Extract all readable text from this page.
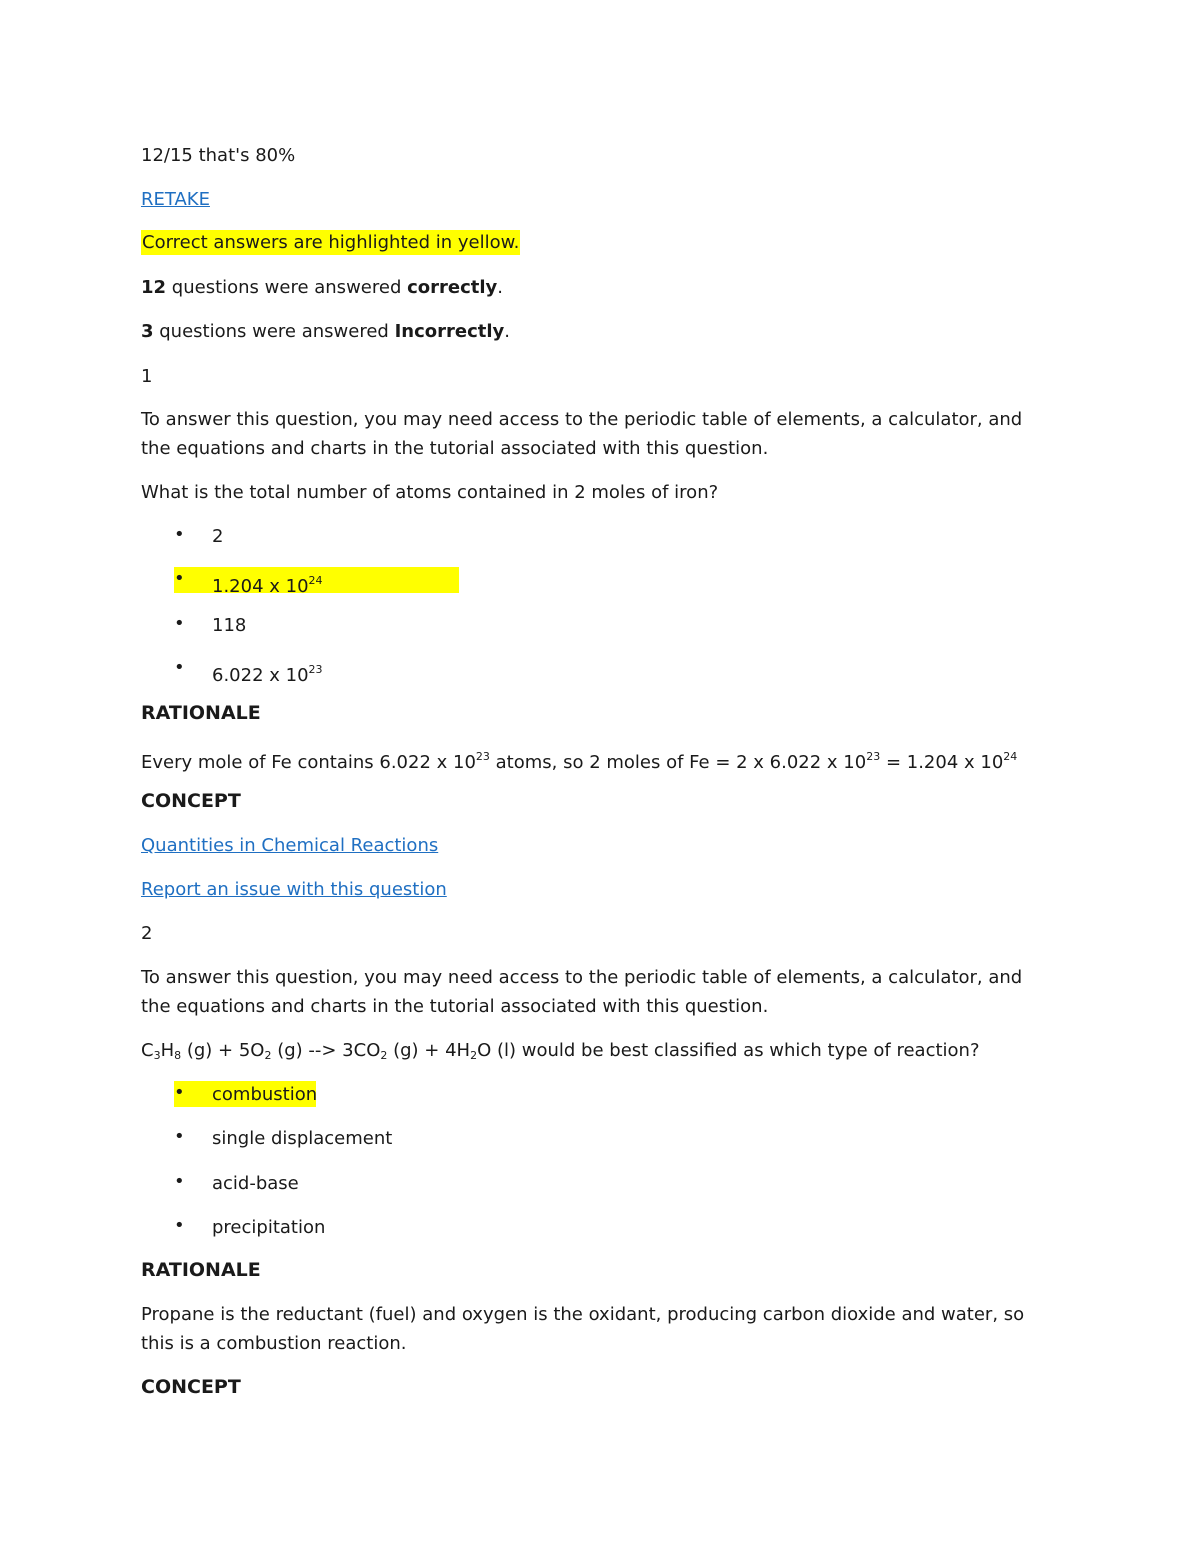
12/15 that's 80%

RETAKE

Correct answers are highlighted in yellow.

12 questions were answered correctly.

3 questions were answered Incorrectly.

1

To answer this question, you may need access to the periodic table of elements, a calculator, and the equations and charts in the tutorial associated with this question.

What is the total number of atoms contained in 2 moles of iron?

• 2
• 1.204 x $10^{24}$
• 118
• 6.022 x $10^{23}$

RATIONALE

Every mole of Fe contains 6.022 x $10^{23}$ atoms, so 2 moles of Fe = 2 x 6.022 x $10^{23} = 1.204$ x $10^{24}$

CONCEPT

Quantities in Chemical Reactions
Report an issue with this question

2

To answer this question, you may need access to the periodic table of elements, a calculator, and the equations and charts in the tutorial associated with this question.

$C_3H_8$ $(g) + 5O_2$ (g) --> $3CO_2$ $(g) + 4H_2O$ (l) would be best classified as which type of reaction?

• combustion
• single displacement
• acid-base
• precipitation

RATIONALE

Propane is the reductant (fuel) and oxygen is the oxidant, producing carbon dioxide and water, so this is a combustion reaction.

CONCEPT
